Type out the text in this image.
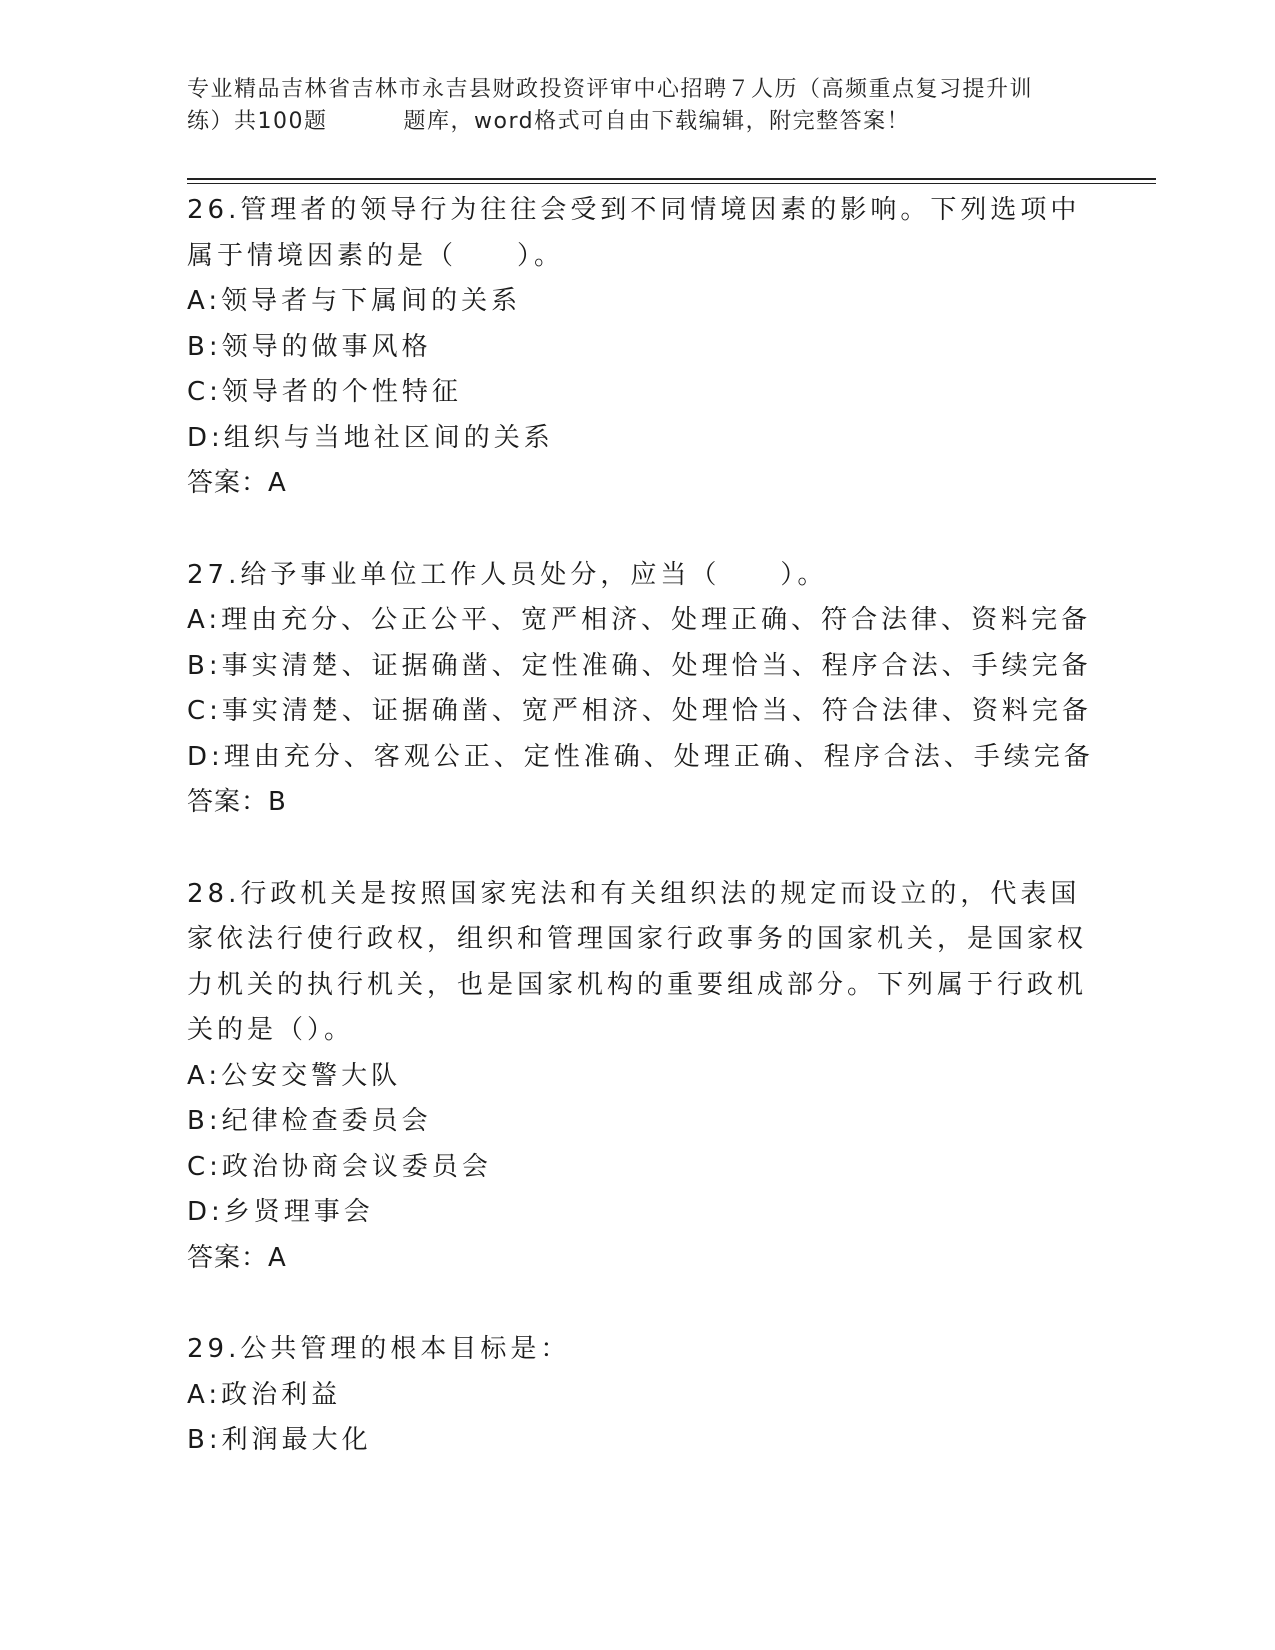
专业精品吉林省吉林市永吉县财政投资评审中心招聘７人历（高频重点复习提升训
练）共100题	题库，word格式可自由下载编辑，附完整答案！

26.管理者的领导行为往往会受到不同情境因素的影响。下列选项中属于情境因素的是（　　）。

A:领导者与下属间的关系
B:领导的做事风格
C:领导者的个性特征
D:组织与当地社区间的关系
答案：A

27.给予事业单位工作人员处分，应当（　　）。

A:理由充分、公正公平、宽严相济、处理正确、符合法律、资料完备
B:事实清楚、证据确凿、定性准确、处理恰当、程序合法、手续完备
C:事实清楚、证据确凿、宽严相济、处理恰当、符合法律、资料完备
D:理由充分、客观公正、定性准确、处理正确、程序合法、手续完备
答案：B

28.行政机关是按照国家宪法和有关组织法的规定而设立的，代表国家依法行使行政权，组织和管理国家行政事务的国家机关，是国家权力机关的执行机关，也是国家机构的重要组成部分。下列属于行政机关的是（）。

A:公安交警大队
B:纪律检查委员会
C:政治协商会议委员会
D:乡贤理事会
答案：A

29.公共管理的根本目标是：

A:政治利益
B:利润最大化
